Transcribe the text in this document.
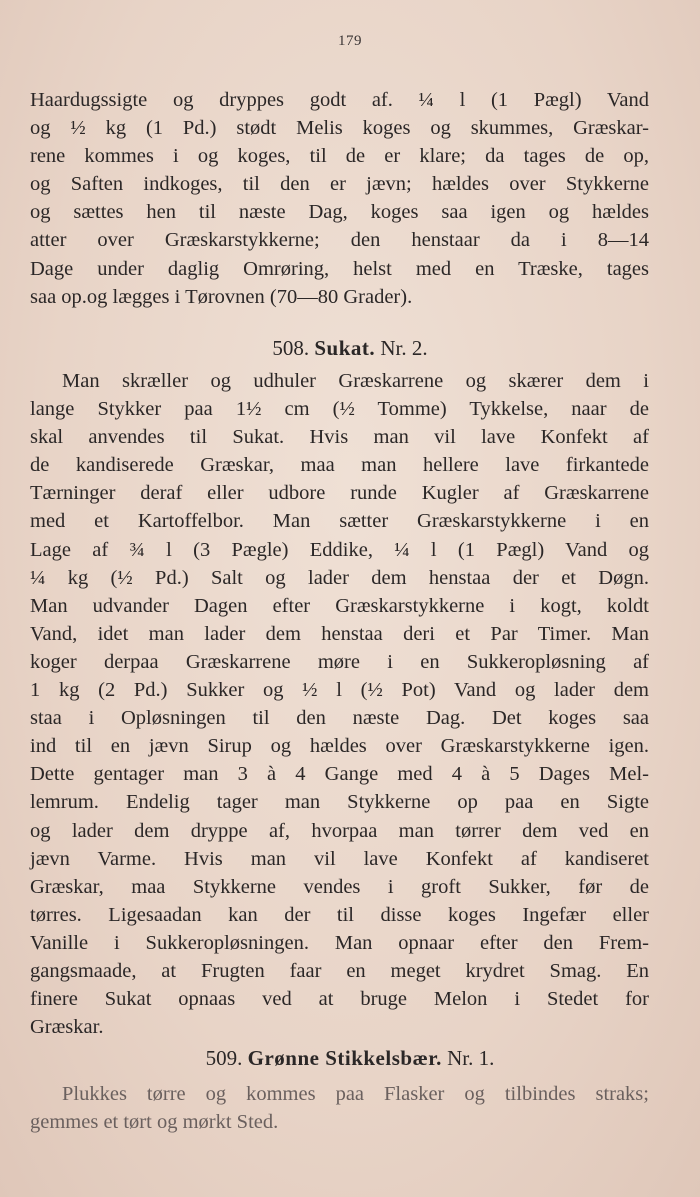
179
Haardugssigte og dryppes godt af. ¼ l (1 Pægl) Vand
og ½ kg (1 Pd.) stødt Melis koges og skummes, Græskar-
rene kommes i og koges, til de er klare; da tages de op,
og Saften indkoges, til den er jævn; hældes over Stykkerne
og sættes hen til næste Dag, koges saa igen og hældes
atter over Græskarstykkerne; den henstaar da i 8—14
Dage under daglig Omrøring, helst med en Træske, tages
saa op.og lægges i Tørovnen (70—80 Grader).
508. Sukat. Nr. 2.
Man skræller og udhuler Græskarrene og skærer dem i
lange Stykker paa 1½ cm (½ Tomme) Tykkelse, naar de
skal anvendes til Sukat. Hvis man vil lave Konfekt af
de kandiserede Græskar, maa man hellere lave firkantede
Tærninger deraf eller udbore runde Kugler af Græskarrene
med et Kartoffelbor. Man sætter Græskarstykkerne i en
Lage af ¾ l (3 Pægle) Eddike, ¼ l (1 Pægl) Vand og
¼ kg (½ Pd.) Salt og lader dem henstaa der et Døgn.
Man udvander Dagen efter Græskarstykkerne i kogt, koldt
Vand, idet man lader dem henstaa deri et Par Timer. Man
koger derpaa Græskarrene møre i en Sukkeropløsning af
1 kg (2 Pd.) Sukker og ½ l (½ Pot) Vand og lader dem
staa i Opløsningen til den næste Dag. Det koges saa
ind til en jævn Sirup og hældes over Græskarstykkerne igen.
Dette gentager man 3 à 4 Gange med 4 à 5 Dages Mel-
lemrum. Endelig tager man Stykkerne op paa en Sigte
og lader dem dryppe af, hvorpaa man tørrer dem ved en
jævn Varme. Hvis man vil lave Konfekt af kandiseret
Græskar, maa Stykkerne vendes i groft Sukker, før de
tørres. Ligesaadan kan der til disse koges Ingefær eller
Vanille i Sukkeropløsningen. Man opnaar efter den Frem-
gangsmaade, at Frugten faar en meget krydret Smag. En
finere Sukat opnaas ved at bruge Melon i Stedet for
Græskar.
509. Grønne Stikkelsbær. Nr. 1.
Plukkes tørre og kommes paa Flasker og tilbindes straks;
gemmes et tørt og mørkt Sted.
